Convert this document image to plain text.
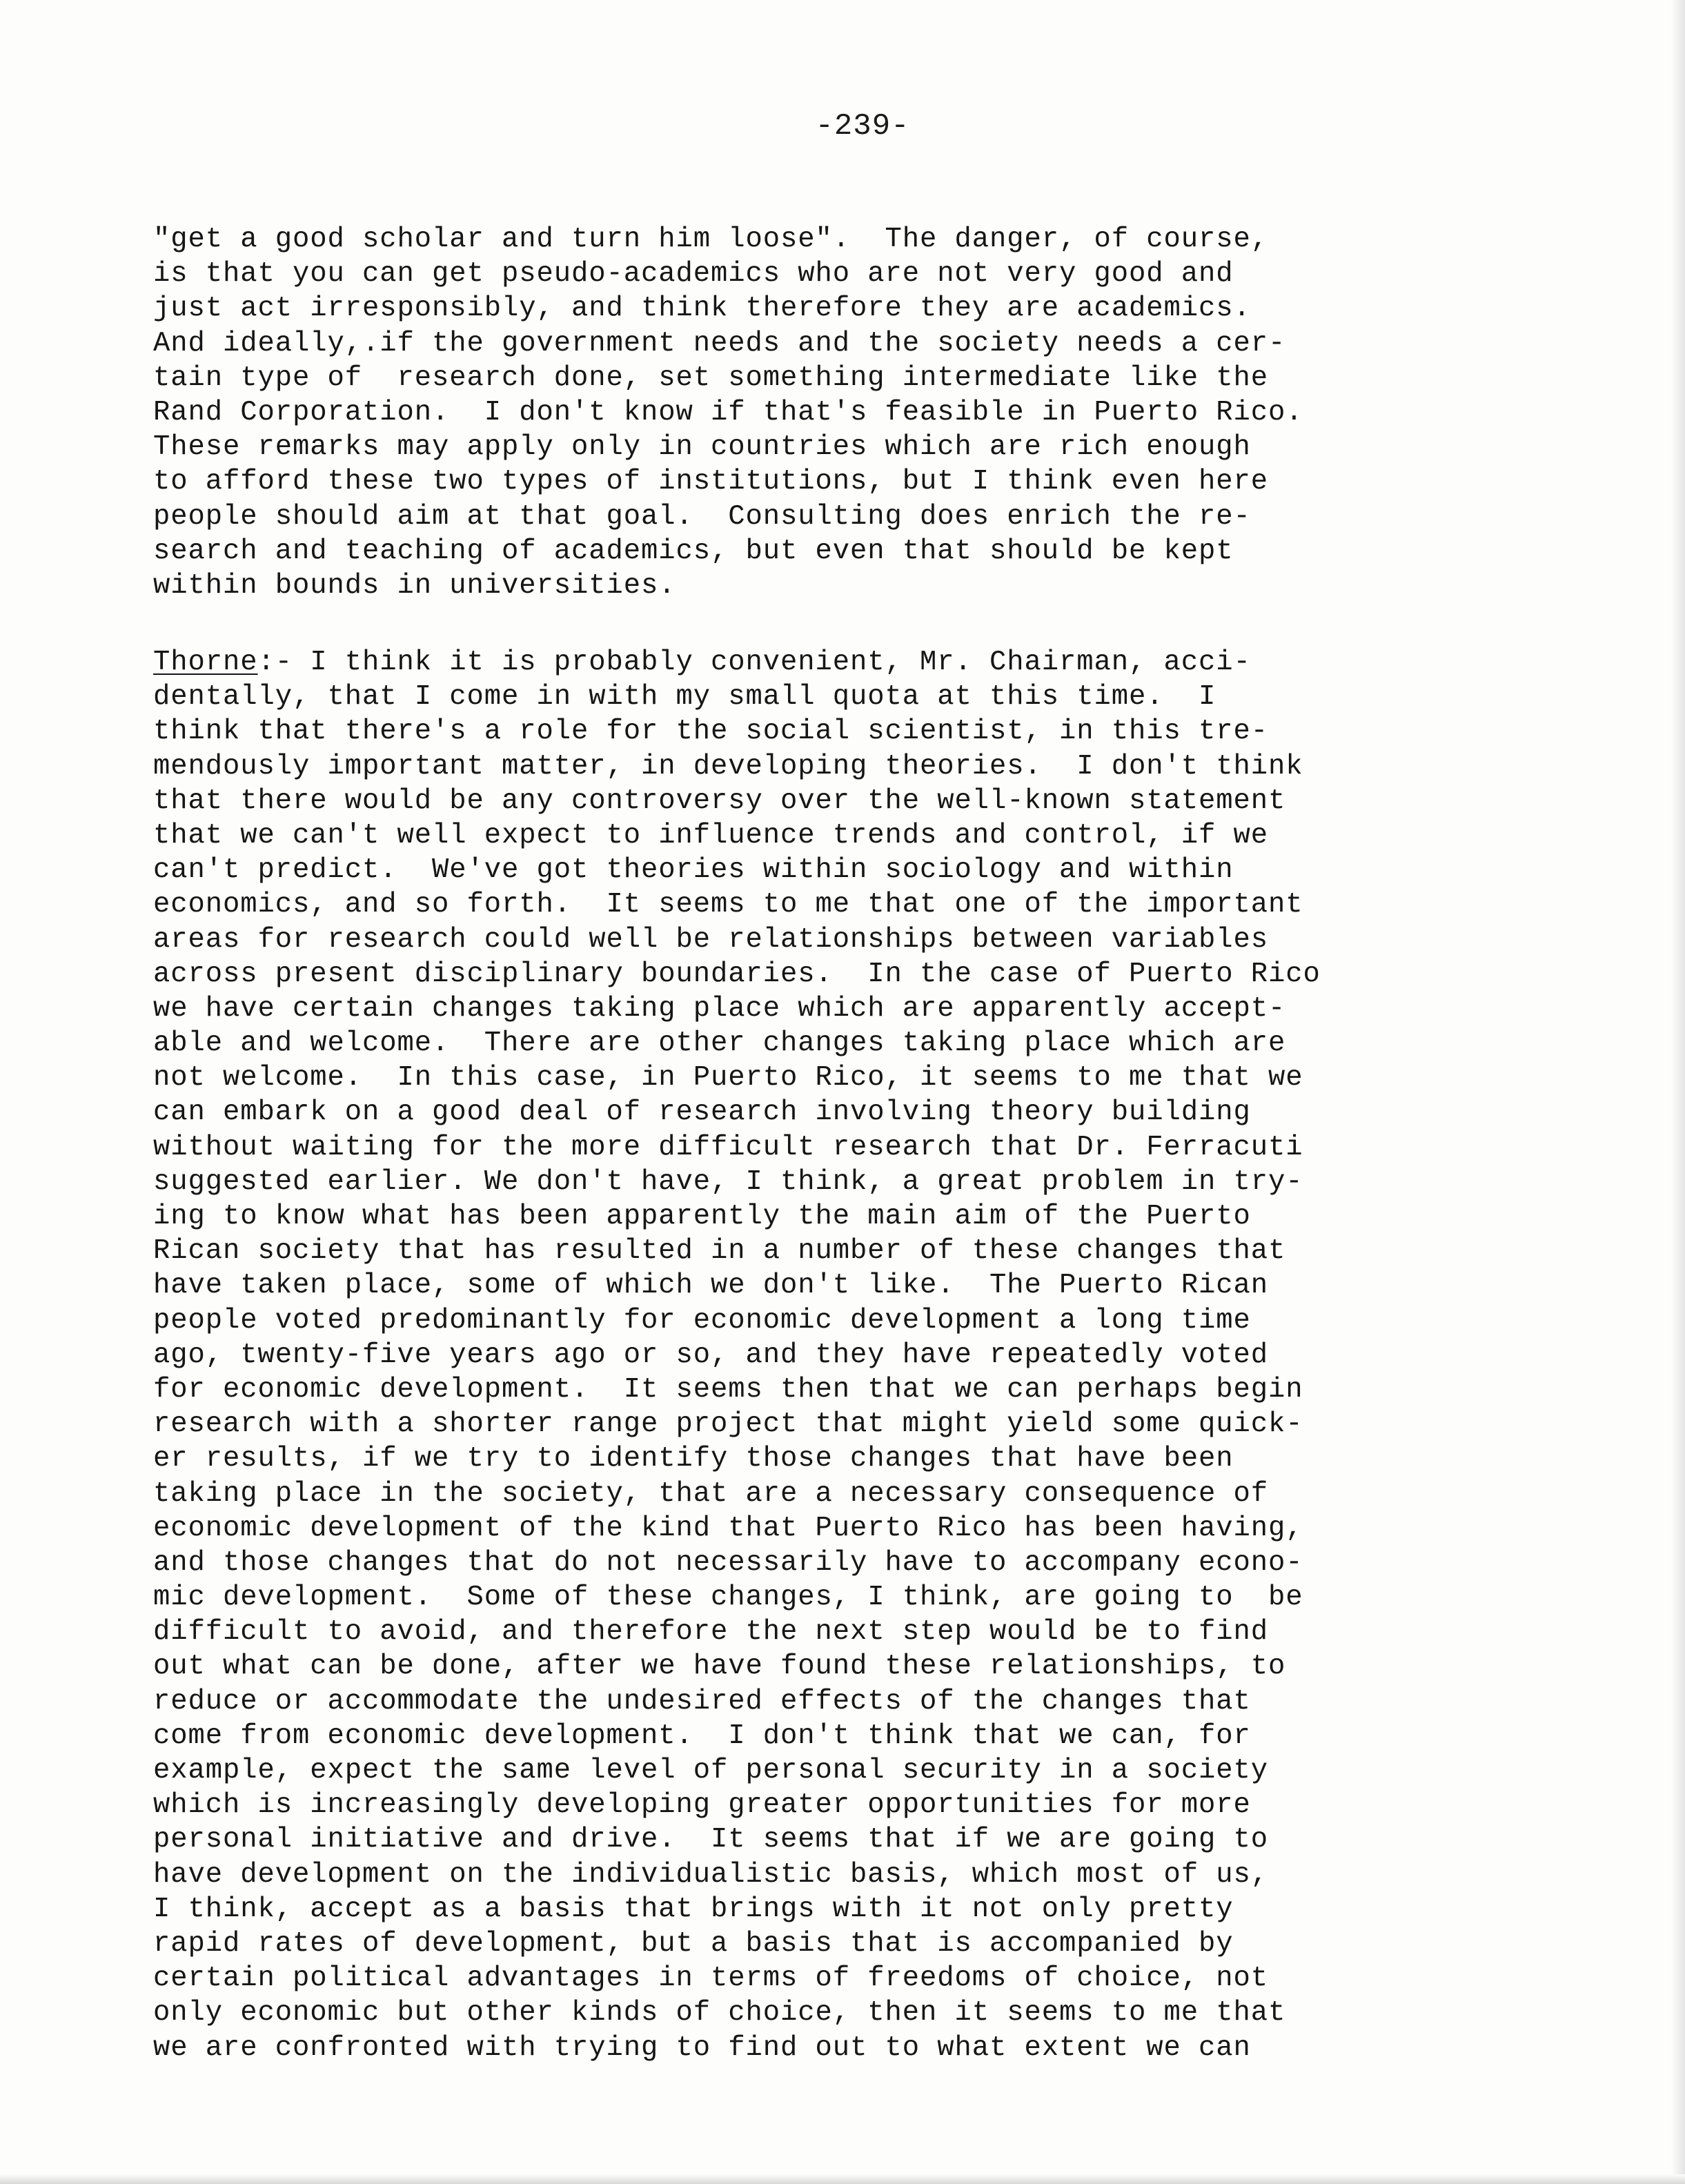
-239-
"get a good scholar and turn him loose".  The danger, of course,
is that you can get pseudo-academics who are not very good and
just act irresponsibly, and think therefore they are academics.
And ideally,.if the government needs and the society needs a cer-
tain type of  research done, set something intermediate like the
Rand Corporation.  I don't know if that's feasible in Puerto Rico.
These remarks may apply only in countries which are rich enough
to afford these two types of institutions, but I think even here
people should aim at that goal.  Consulting does enrich the re-
search and teaching of academics, but even that should be kept
within bounds in universities.
Thorne:- I think it is probably convenient, Mr. Chairman, acci-
dentally, that I come in with my small quota at this time.  I
think that there's a role for the social scientist, in this tre-
mendously important matter, in developing theories.  I don't think
that there would be any controversy over the well-known statement
that we can't well expect to influence trends and control, if we
can't predict.  We've got theories within sociology and within
economics, and so forth.  It seems to me that one of the important
areas for research could well be relationships between variables
across present disciplinary boundaries.  In the case of Puerto Rico
we have certain changes taking place which are apparently accept-
able and welcome.  There are other changes taking place which are
not welcome.  In this case, in Puerto Rico, it seems to me that we
can embark on a good deal of research involving theory building
without waiting for the more difficult research that Dr. Ferracuti
suggested earlier. We don't have, I think, a great problem in try-
ing to know what has been apparently the main aim of the Puerto
Rican society that has resulted in a number of these changes that
have taken place, some of which we don't like.  The Puerto Rican
people voted predominantly for economic development a long time
ago, twenty-five years ago or so, and they have repeatedly voted
for economic development.  It seems then that we can perhaps begin
research with a shorter range project that might yield some quick-
er results, if we try to identify those changes that have been
taking place in the society, that are a necessary consequence of
economic development of the kind that Puerto Rico has been having,
and those changes that do not necessarily have to accompany econo-
mic development.  Some of these changes, I think, are going to  be
difficult to avoid, and therefore the next step would be to find
out what can be done, after we have found these relationships, to
reduce or accommodate the undesired effects of the changes that
come from economic development.  I don't think that we can, for
example, expect the same level of personal security in a society
which is increasingly developing greater opportunities for more
personal initiative and drive.  It seems that if we are going to
have development on the individualistic basis, which most of us,
I think, accept as a basis that brings with it not only pretty
rapid rates of development, but a basis that is accompanied by
certain political advantages in terms of freedoms of choice, not
only economic but other kinds of choice, then it seems to me that
we are confronted with trying to find out to what extent we can
